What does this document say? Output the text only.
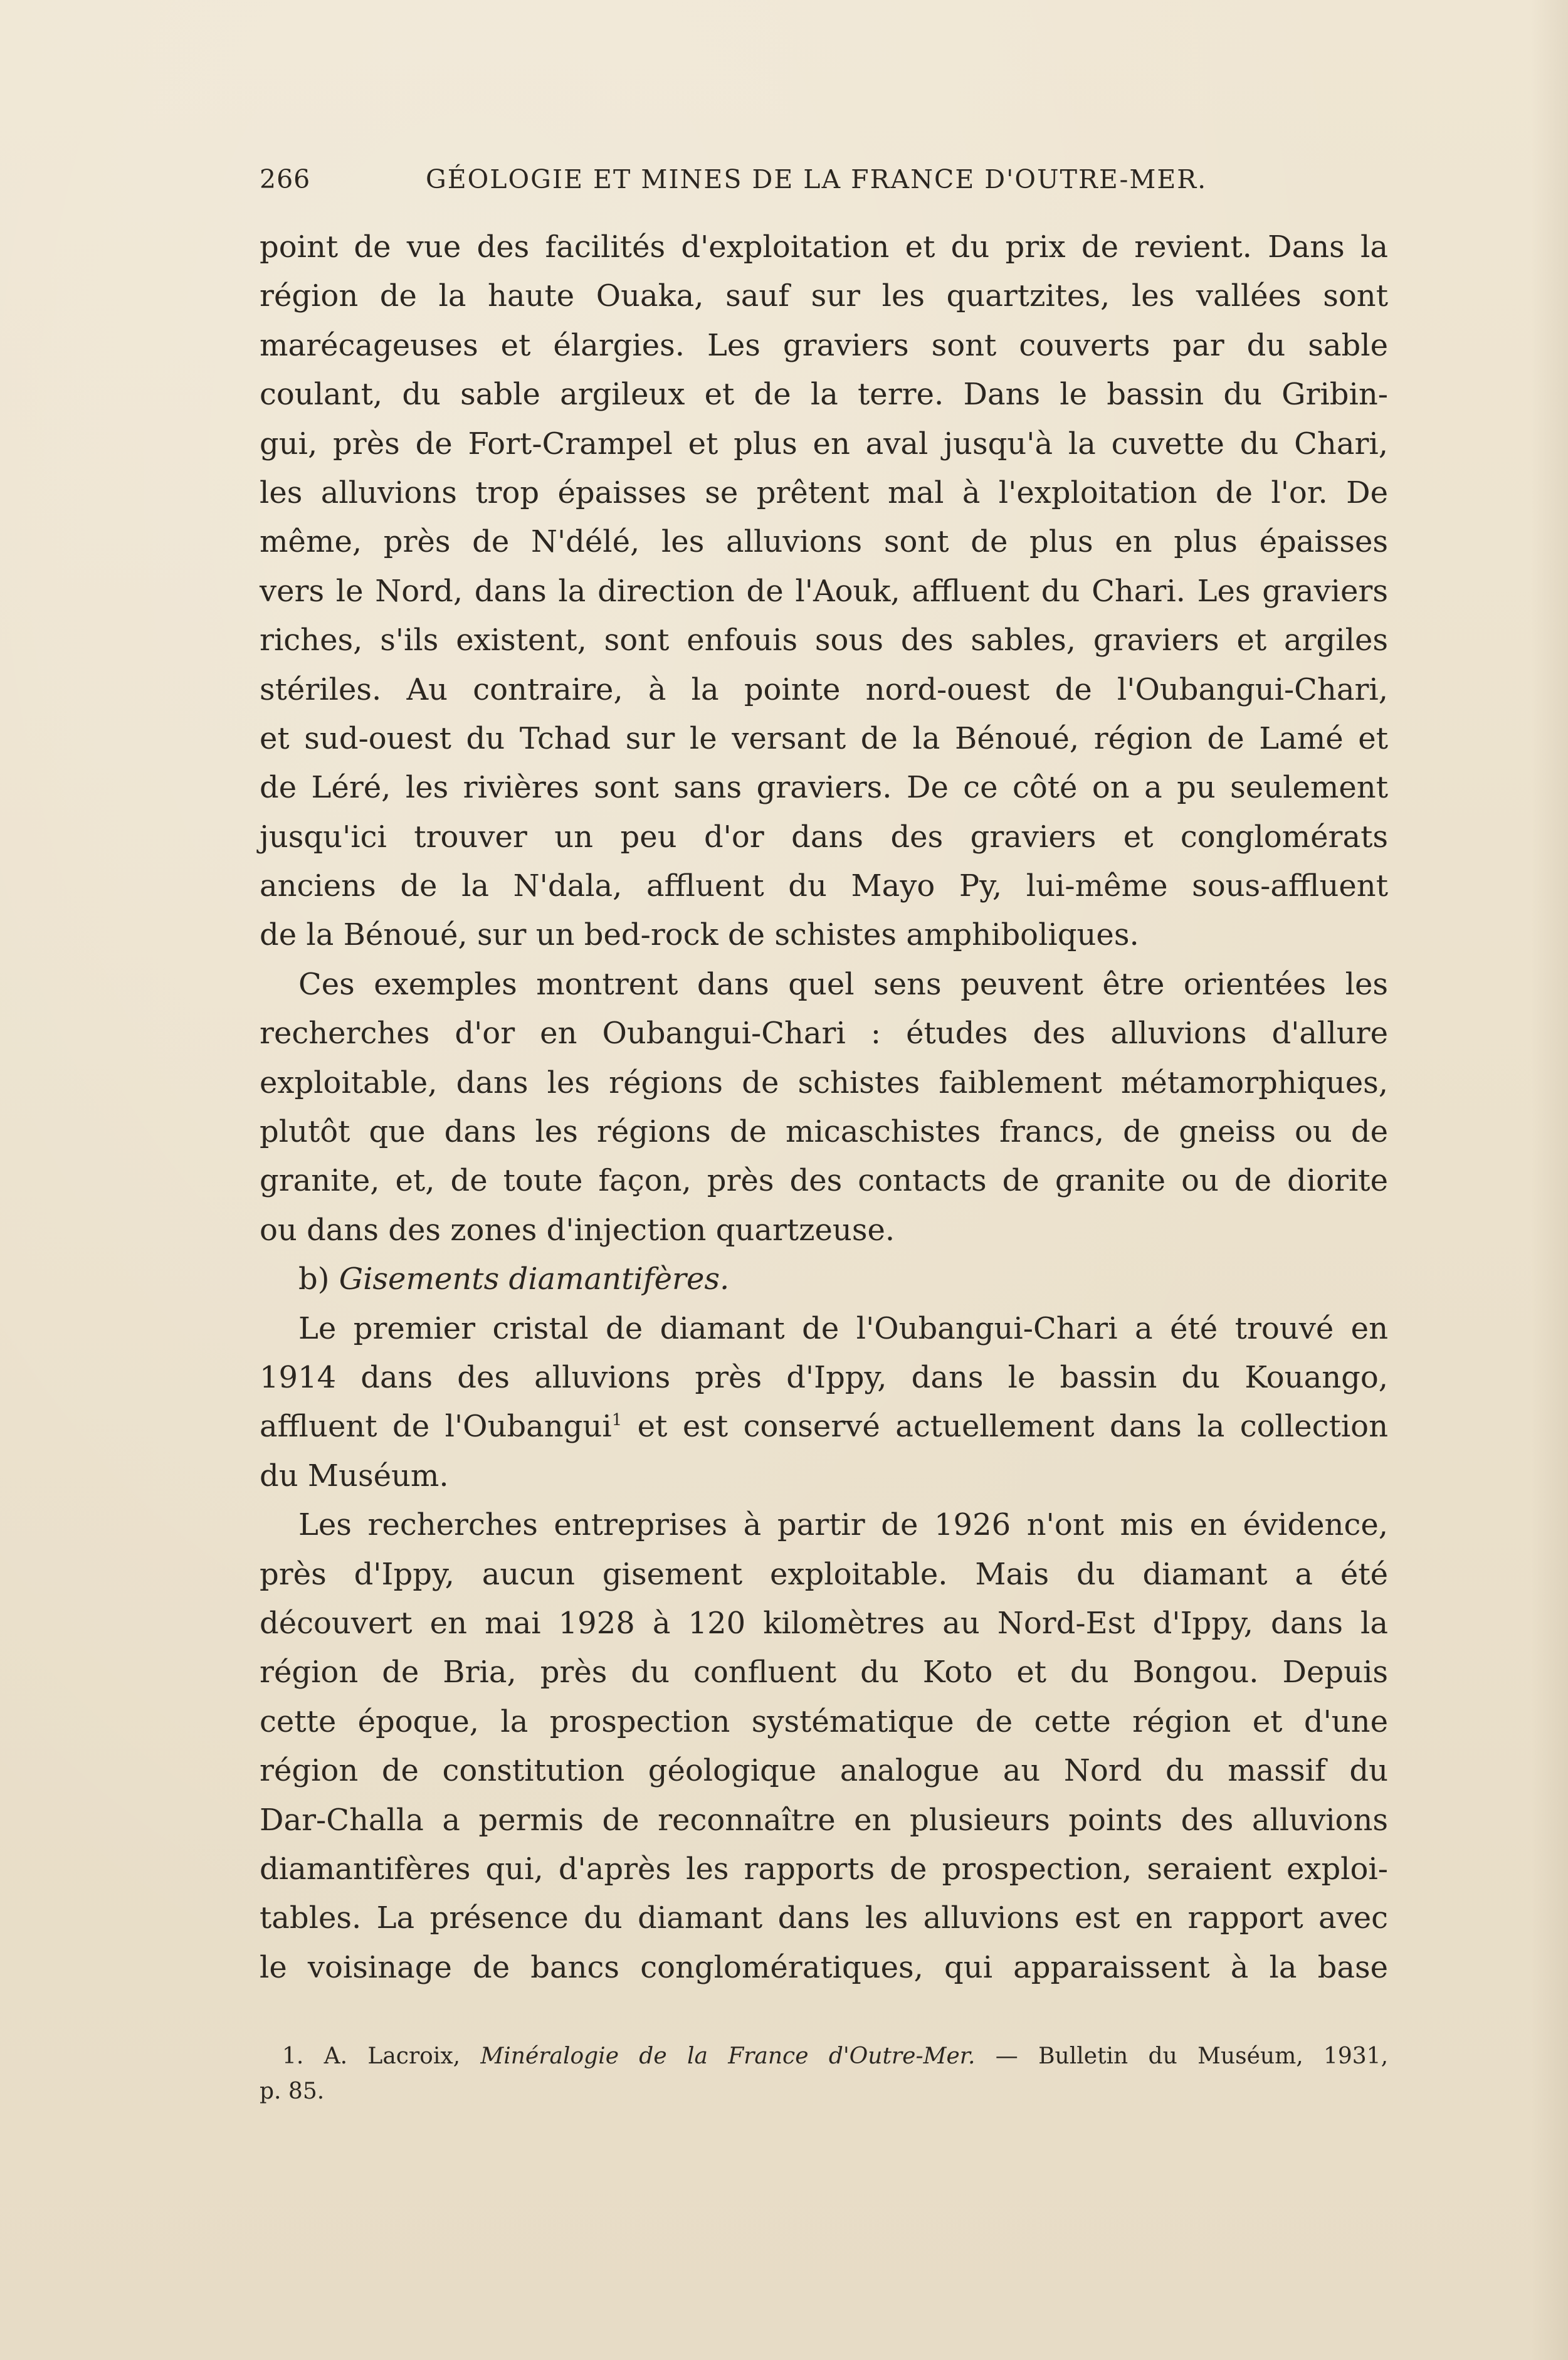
266	GÉOLOGIE ET MINES DE LA FRANCE D'OUTRE-MER.
point de vue des facilités d'exploitation et du prix de revient. Dans la
région de la haute Ouaka, sauf sur les quartzites, les vallées sont
marécageuses et élargies. Les graviers sont couverts par du sable
coulant, du sable argileux et de la terre. Dans le bassin du Gribin-
gui, près de Fort-Crampel et plus en aval jusqu'à la cuvette du Chari,
les alluvions trop épaisses se prêtent mal à l'exploitation de l'or. De
même, près de N'délé, les alluvions sont de plus en plus épaisses
vers le Nord, dans la direction de l'Aouk, affluent du Chari. Les graviers
riches, s'ils existent, sont enfouis sous des sables, graviers et argiles
stériles. Au contraire, à la pointe nord-ouest de l'Oubangui-Chari,
et sud-ouest du Tchad sur le versant de la Bénoué, région de Lamé et
de Léré, les rivières sont sans graviers. De ce côté on a pu seulement
jusqu'ici trouver un peu d'or dans des graviers et conglomérats
anciens de la N'dala, affluent du Mayo Py, lui-même sous-affluent
de la Bénoué, sur un bed-rock de schistes amphiboliques.
Ces exemples montrent dans quel sens peuvent être orientées les
recherches d'or en Oubangui-Chari : études des alluvions d'allure
exploitable, dans les régions de schistes faiblement métamorphiques,
plutôt que dans les régions de micaschistes francs, de gneiss ou de
granite, et, de toute façon, près des contacts de granite ou de diorite
ou dans des zones d'injection quartzeuse.
b) Gisements diamantifères.
Le premier cristal de diamant de l'Oubangui-Chari a été trouvé en
1914 dans des alluvions près d'Ippy, dans le bassin du Kouango,
affluent de l'Oubangui$^1$ et est conservé actuellement dans la collection
du Muséum.
Les recherches entreprises à partir de 1926 n'ont mis en évidence,
près d'Ippy, aucun gisement exploitable. Mais du diamant a été
découvert en mai 1928 à 120 kilomètres au Nord-Est d'Ippy, dans la
région de Bria, près du confluent du Koto et du Bongou. Depuis
cette époque, la prospection systématique de cette région et d'une
région de constitution géologique analogue au Nord du massif du
Dar-Challa a permis de reconnaître en plusieurs points des alluvions
diamantifères qui, d'après les rapports de prospection, seraient exploi-
tables. La présence du diamant dans les alluvions est en rapport avec
le voisinage de bancs conglomératiques, qui apparaissent à la base
1. A. Lacroix, Minéralogie de la France d'Outre-Mer. — Bulletin du Muséum, 1931,
p. 85.
